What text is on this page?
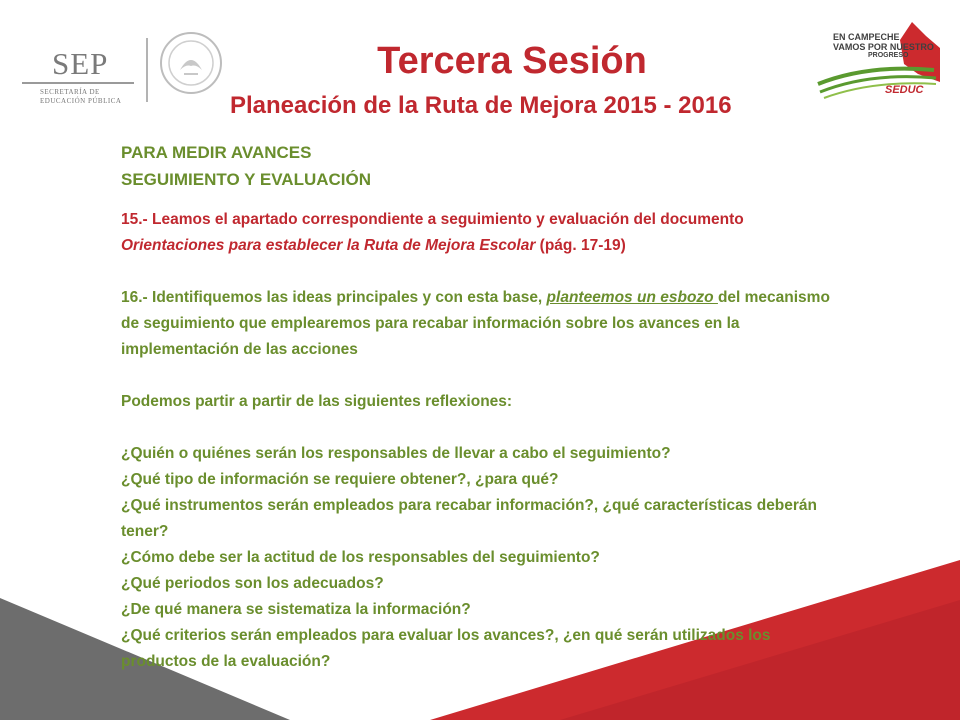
SEP
SECRETARÍA DE
EDUCACIÓN PÚBLICA
Tercera Sesión
Planeación de la Ruta de Mejora 2015 - 2016
EN CAMPECHE
VAMOS POR NUESTRO
PROGRESO
SEDUC
PARA MEDIR AVANCES
SEGUIMIENTO Y EVALUACIÓN

15.- Leamos el apartado correspondiente a seguimiento y evaluación del documento Orientaciones para establecer la Ruta de Mejora Escolar (pág. 17-19)

16.- Identifiquemos las ideas principales y con esta base, planteemos un esbozo del mecanismo de seguimiento que emplearemos para recabar información sobre los avances en la implementación de las acciones

Podemos partir a partir de las siguientes reflexiones:

¿Quién o quiénes serán los responsables de llevar a cabo el seguimiento?

¿Qué tipo de información se requiere obtener?, ¿para qué?

¿Qué instrumentos serán empleados para recabar información?, ¿qué características deberán tener?

¿Cómo debe ser la actitud de los responsables del seguimiento?

¿Qué periodos son los adecuados?

¿De qué manera se sistematiza la información?

¿Qué criterios serán empleados para evaluar los avances?, ¿en qué serán utilizados los productos de la evaluación?
